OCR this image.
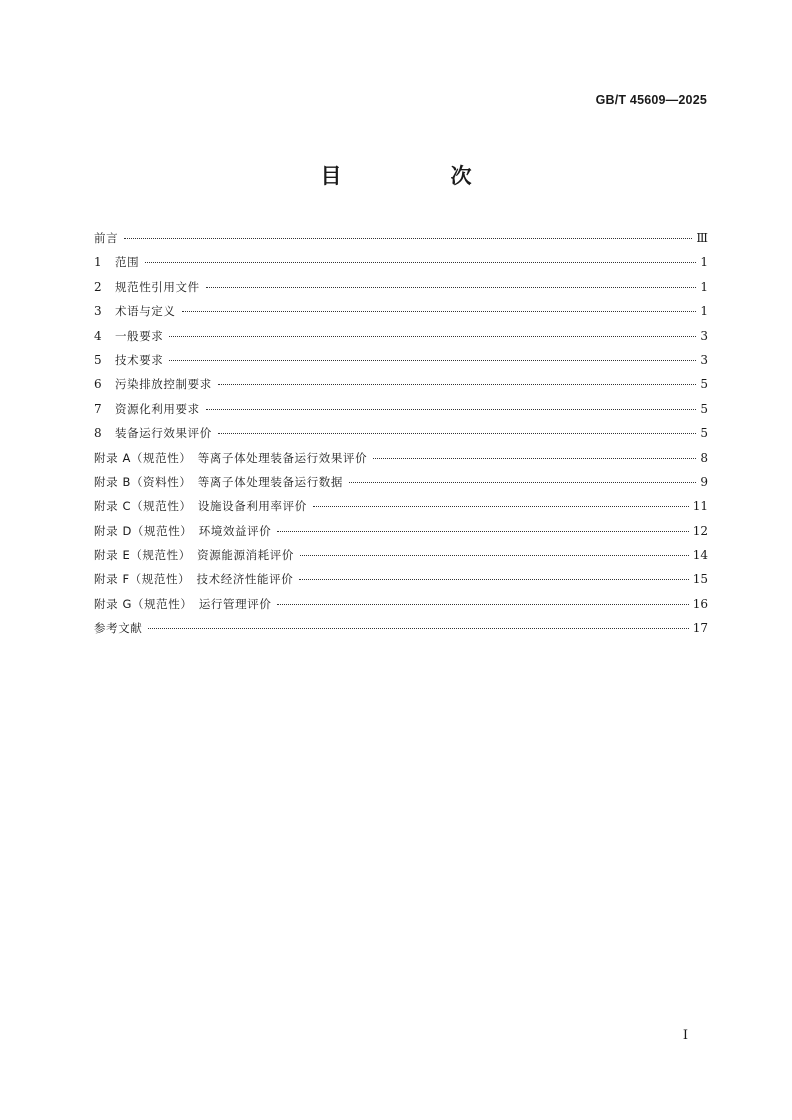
GB/T 45609—2025
目　次
前言	Ⅲ
1	范围	1
2	规范性引用文件	1
3	术语与定义	1
4	一般要求	3
5	技术要求	3
6	污染排放控制要求	5
7	资源化利用要求	5
8	装备运行效果评价	5
附录 A（规范性）　等离子体处理装备运行效果评价	8
附录 B（资料性）　等离子体处理装备运行数据	9
附录 C（规范性）　设施设备利用率评价	11
附录 D（规范性）　环境效益评价	12
附录 E（规范性）　资源能源消耗评价	14
附录 F（规范性）　技术经济性能评价	15
附录 G（规范性）　运行管理评价	16
参考文献	17
I
